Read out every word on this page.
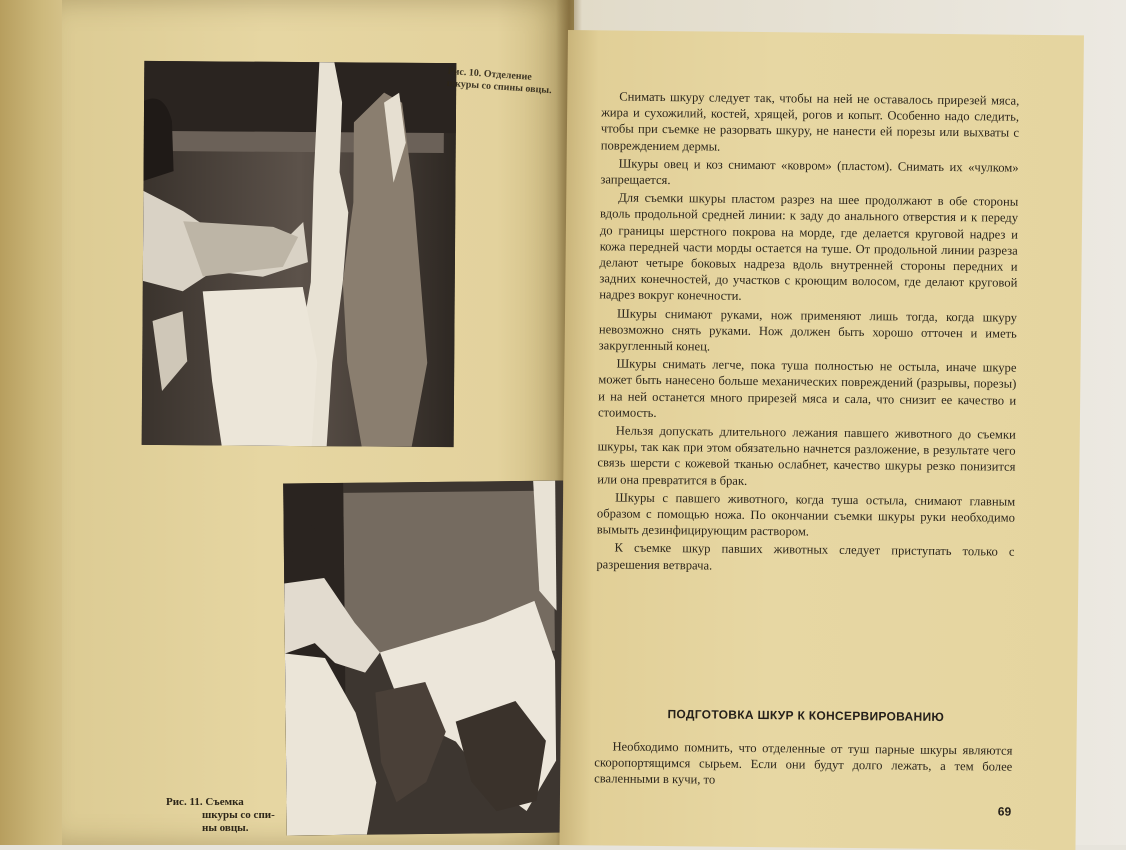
Рис. 10. Отделение шкуры со спины овцы.
Рис. 11. Съемка
шкуры со спи-
ны овцы.

Снимать шкуру следует так, чтобы на ней не оставалось прирезей мяса, жира и сухожилий, костей, хрящей, рогов и копыт. Особенно надо следить, чтобы при съемке не разорвать шкуру, не нанести ей порезы или выхваты с повреждением дермы.

Шкуры овец и коз снимают «ковром» (пластом). Снимать их «чулком» запрещается.

Для съемки шкуры пластом разрез на шее продолжают в обе стороны вдоль продольной средней линии: к заду до анального отверстия и к переду до границы шерстного покрова на морде, где делается круговой надрез и кожа передней части морды остается на туше. От продольной линии разреза делают четыре боковых надреза вдоль внутренней стороны передних и задних конечностей, до участков с кроющим волосом, где делают круговой надрез вокруг конечности.

Шкуры снимают руками, нож применяют лишь тогда, когда шкуру невозможно снять руками. Нож должен быть хорошо отточен и иметь закругленный конец.

Шкуры снимать легче, пока туша полностью не остыла, иначе шкуре может быть нанесено больше механических повреждений (разрывы, порезы) и на ней останется много прирезей мяса и сала, что снизит ее качество и стоимость.

Нельзя допускать длительного лежания павшего животного до съемки шкуры, так как при этом обязательно начнется разложение, в результате чего связь шерсти с кожевой тканью ослабнет, качество шкуры резко понизится или она превратится в брак.

Шкуры с павшего животного, когда туша остыла, снимают главным образом с помощью ножа. По окончании съемки шкуры руки необходимо вымыть дезинфицирующим раствором.

К съемке шкур павших животных следует приступать только с разрешения ветврача.

ПОДГОТОВКА ШКУР К КОНСЕРВИРОВАНИЮ

Необходимо помнить, что отделенные от туш парные шкуры являются скоропортящимся сырьем. Если они будут долго лежать, а тем более сваленными в кучи, то

69
